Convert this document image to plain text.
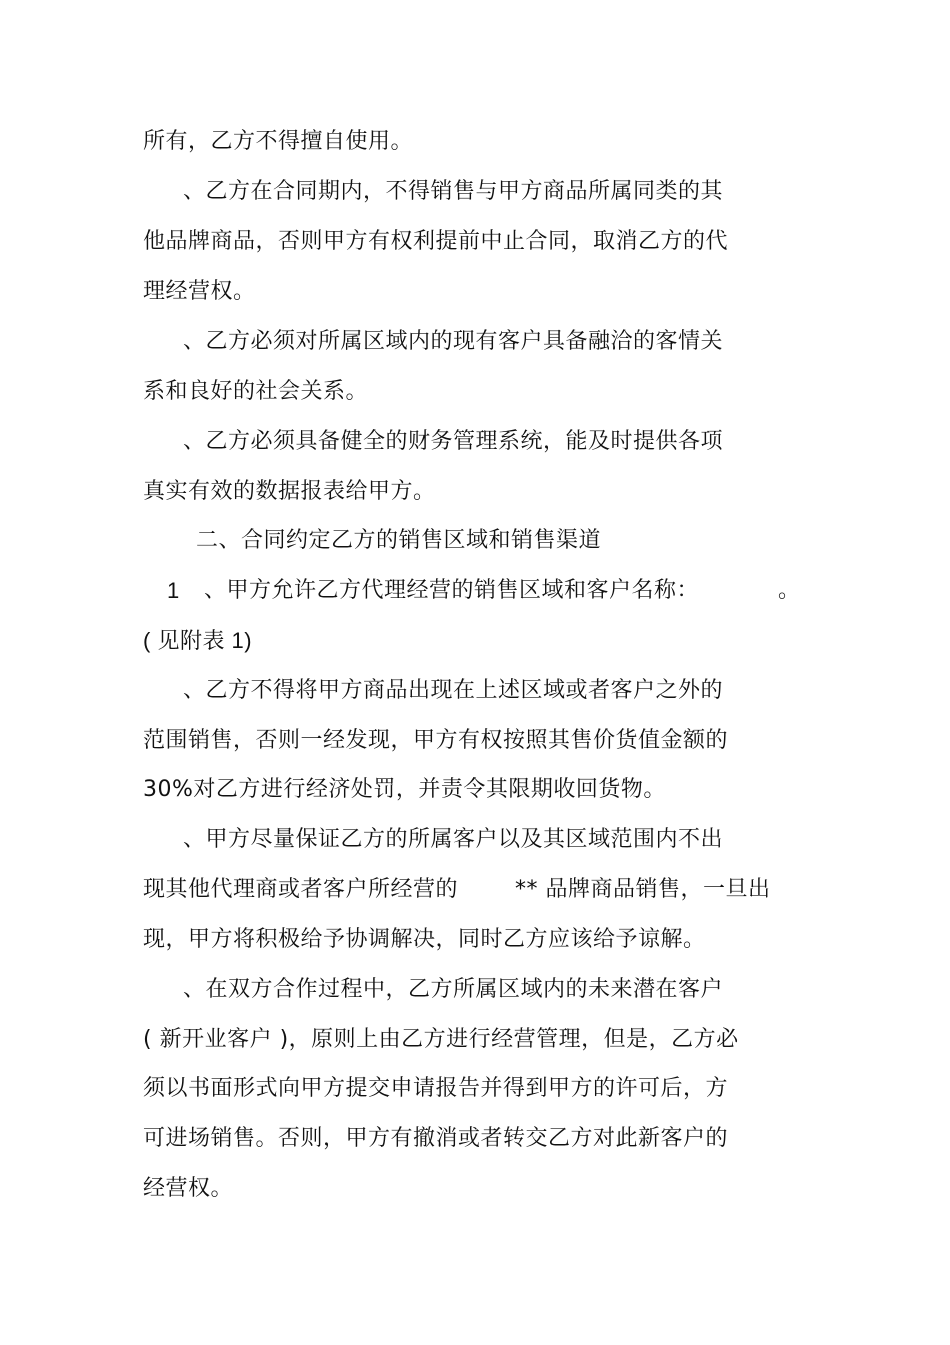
所有，乙方不得擅自使用。
、乙方在合同期内，不得销售与甲方商品所属同类的其
他品牌商品，否则甲方有权利提前中止合同，取消乙方的代
理经营权。
、乙方必须对所属区域内的现有客户具备融洽的客情关
系和良好的社会关系。
、乙方必须具备健全的财务管理系统，能及时提供各项
真实有效的数据报表给甲方。
二、合同约定乙方的销售区域和销售渠道
1 、甲方允许乙方代理经营的销售区域和客户名称：	。
( 见附表 1)
、乙方不得将甲方商品出现在上述区域或者客户之外的
范围销售，否则一经发现，甲方有权按照其售价货值金额的
30%对乙方进行经济处罚，并责令其限期收回货物。
、甲方尽量保证乙方的所属客户以及其区域范围内不出
现其他代理商或者客户所经营的	** 品牌商品销售，一旦出
现，甲方将积极给予协调解决，同时乙方应该给予谅解。
、在双方合作过程中，乙方所属区域内的未来潜在客户
( 新开业客户 )，原则上由乙方进行经营管理，但是，乙方必
须以书面形式向甲方提交申请报告并得到甲方的许可后，方
可进场销售。否则，甲方有撤消或者转交乙方对此新客户的
经营权。
